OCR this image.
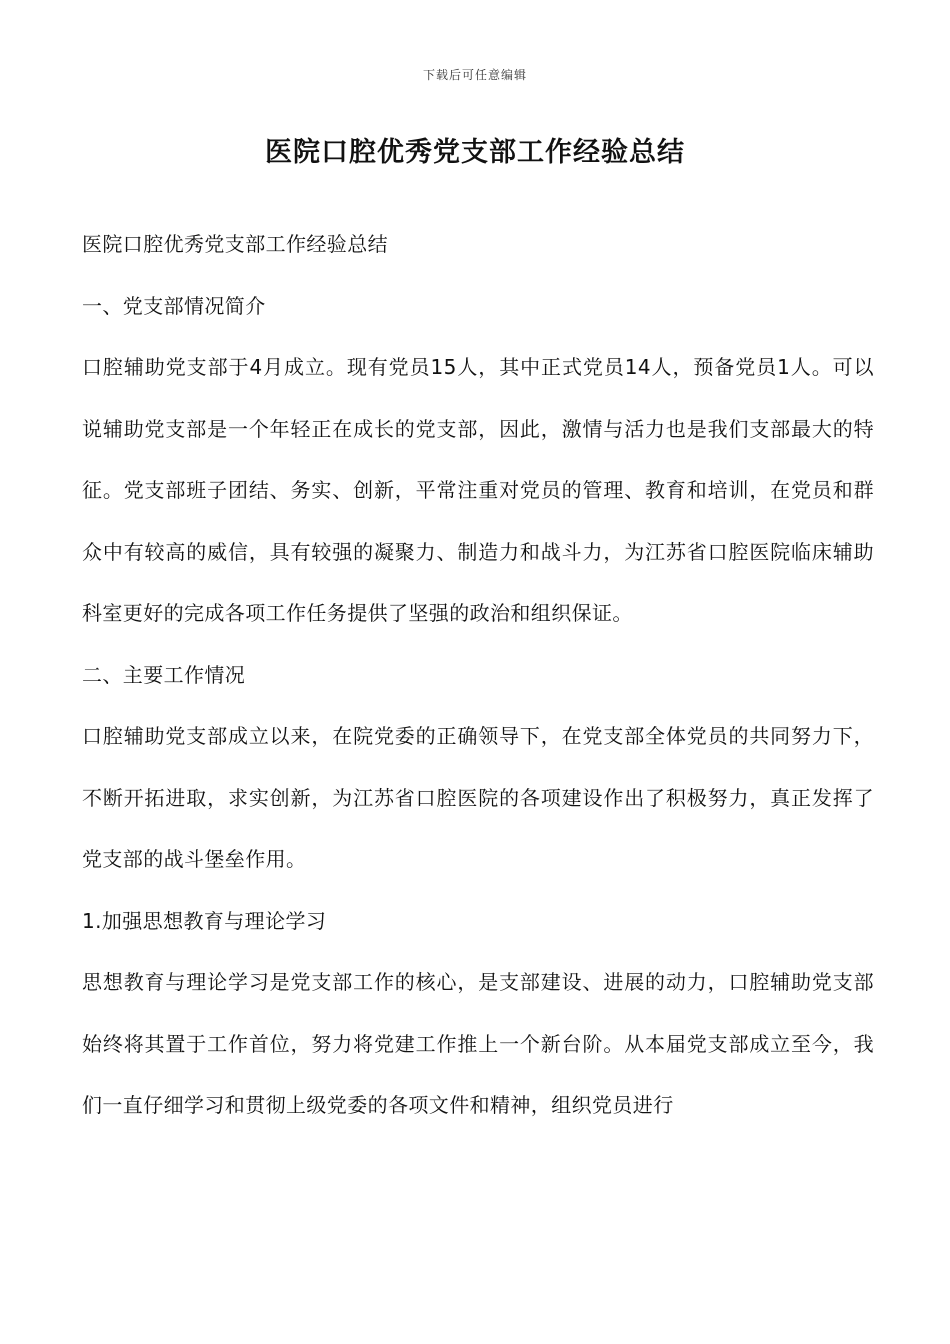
下载后可任意编辑
医院口腔优秀党支部工作经验总结

医院口腔优秀党支部工作经验总结

一、党支部情况简介

口腔辅助党支部于4月成立。现有党员15人，其中正式党员14人，预备党员1人。可以说辅助党支部是一个年轻正在成长的党支部，因此，激情与活力也是我们支部最大的特征。党支部班子团结、务实、创新，平常注重对党员的管理、教育和培训，在党员和群众中有较高的威信，具有较强的凝聚力、制造力和战斗力，为江苏省口腔医院临床辅助科室更好的完成各项工作任务提供了坚强的政治和组织保证。

二、主要工作情况

口腔辅助党支部成立以来，在院党委的正确领导下，在党支部全体党员的共同努力下，不断开拓进取，求实创新，为江苏省口腔医院的各项建设作出了积极努力，真正发挥了党支部的战斗堡垒作用。

1.加强思想教育与理论学习

思想教育与理论学习是党支部工作的核心，是支部建设、进展的动力，口腔辅助党支部始终将其置于工作首位，努力将党建工作推上一个新台阶。从本届党支部成立至今，我们一直仔细学习和贯彻上级党委的各项文件和精神，组织党员进行
